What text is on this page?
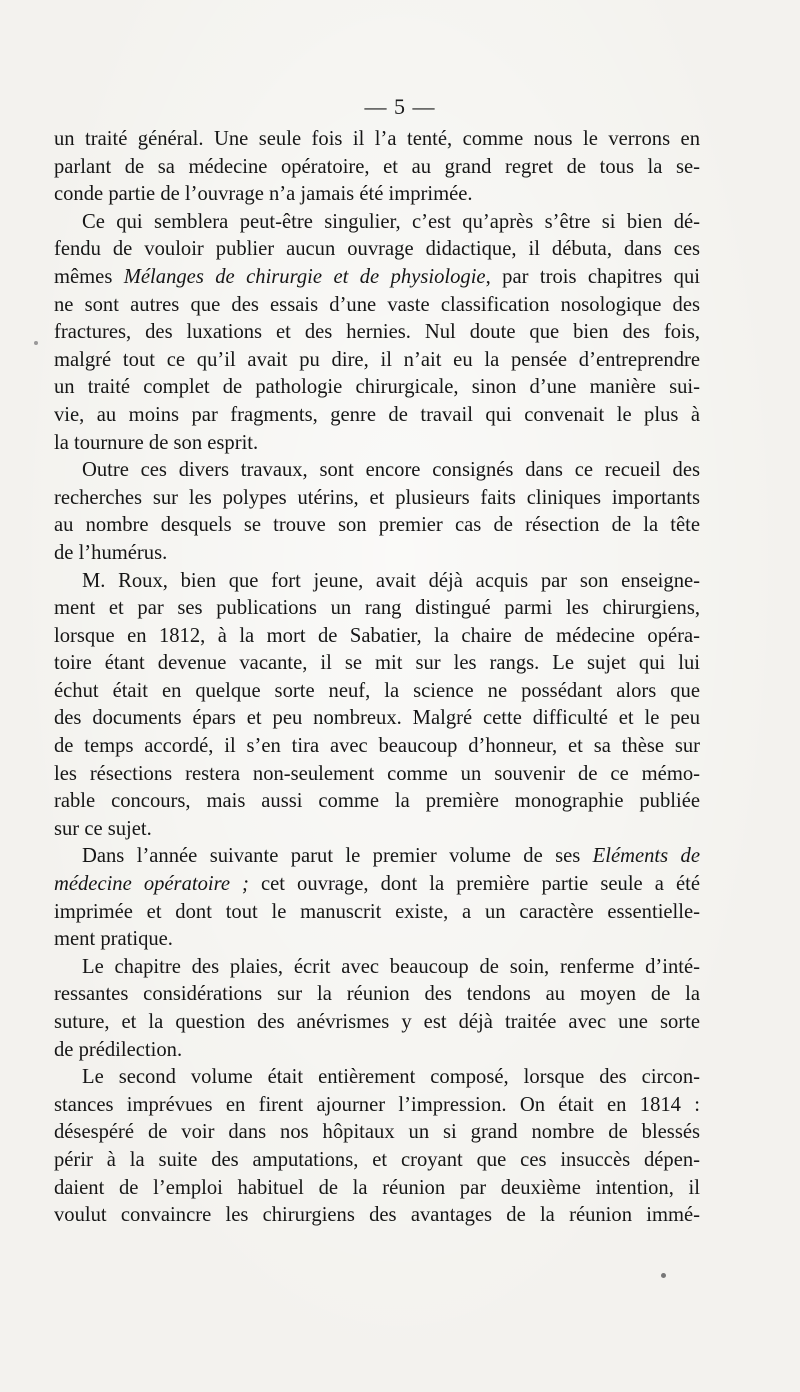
— 5 —
un traité général. Une seule fois il l’a tenté, comme nous le verrons en
parlant de sa médecine opératoire, et au grand regret de tous la se-
conde partie de l’ouvrage n’a jamais été imprimée.
Ce qui semblera peut-être singulier, c’est qu’après s’être si bien dé-
fendu de vouloir publier aucun ouvrage didactique, il débuta, dans ces
mêmes Mélanges de chirurgie et de physiologie, par trois chapitres qui
ne sont autres que des essais d’une vaste classification nosologique des
fractures, des luxations et des hernies. Nul doute que bien des fois,
malgré tout ce qu’il avait pu dire, il n’ait eu la pensée d’entreprendre
un traité complet de pathologie chirurgicale, sinon d’une manière sui-
vie, au moins par fragments, genre de travail qui convenait le plus à
la tournure de son esprit.
Outre ces divers travaux, sont encore consignés dans ce recueil des
recherches sur les polypes utérins, et plusieurs faits cliniques importants
au nombre desquels se trouve son premier cas de résection de la tête
de l’humérus.
M. Roux, bien que fort jeune, avait déjà acquis par son enseigne-
ment et par ses publications un rang distingué parmi les chirurgiens,
lorsque en 1812, à la mort de Sabatier, la chaire de médecine opéra-
toire étant devenue vacante, il se mit sur les rangs. Le sujet qui lui
échut était en quelque sorte neuf, la science ne possédant alors que
des documents épars et peu nombreux. Malgré cette difficulté et le peu
de temps accordé, il s’en tira avec beaucoup d’honneur, et sa thèse sur
les résections restera non-seulement comme un souvenir de ce mémo-
rable concours, mais aussi comme la première monographie publiée
sur ce sujet.
Dans l’année suivante parut le premier volume de ses Eléments de
médecine opératoire ; cet ouvrage, dont la première partie seule a été
imprimée et dont tout le manuscrit existe, a un caractère essentielle-
ment pratique.
Le chapitre des plaies, écrit avec beaucoup de soin, renferme d’inté-
ressantes considérations sur la réunion des tendons au moyen de la
suture, et la question des anévrismes y est déjà traitée avec une sorte
de prédilection.
Le second volume était entièrement composé, lorsque des circon-
stances imprévues en firent ajourner l’impression. On était en 1814 :
désespéré de voir dans nos hôpitaux un si grand nombre de blessés
périr à la suite des amputations, et croyant que ces insuccès dépen-
daient de l’emploi habituel de la réunion par deuxième intention, il
voulut convaincre les chirurgiens des avantages de la réunion immé-
